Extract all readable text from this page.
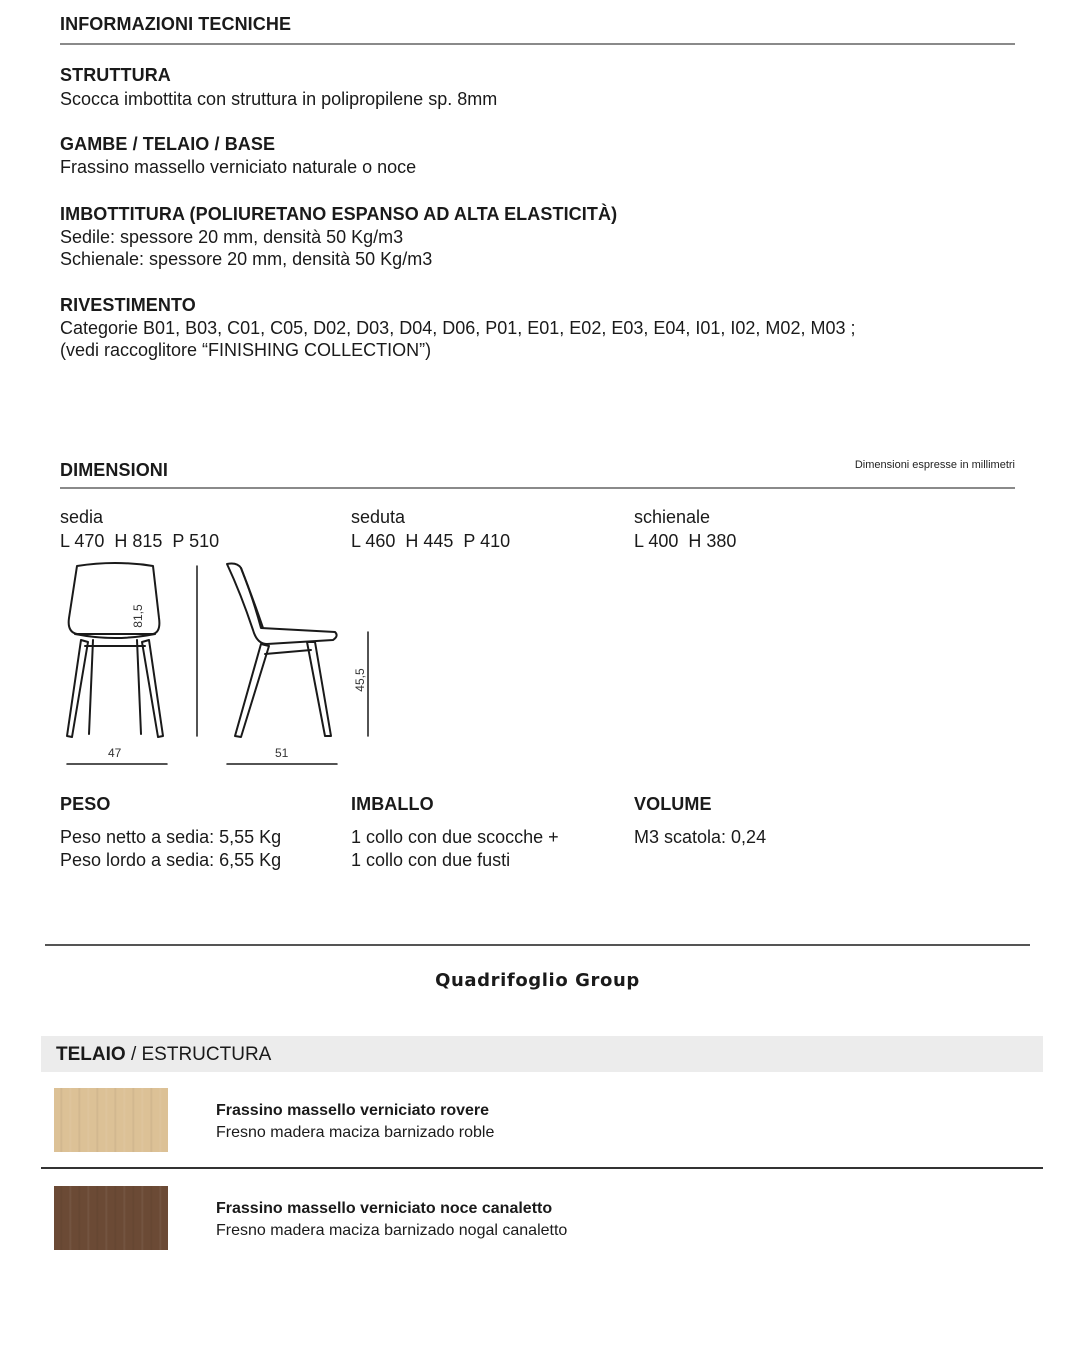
INFORMAZIONI TECNICHE
STRUTTURA
Scocca imbottita con struttura in polipropilene sp. 8mm
GAMBE / TELAIO / BASE
Frassino massello verniciato naturale o noce
IMBOTTITURA (POLIURETANO ESPANSO AD ALTA ELASTICITÀ)
Sedile: spessore 20 mm, densità 50 Kg/m3
Schienale: spessore 20 mm, densità 50 Kg/m3
RIVESTIMENTO
Categorie B01, B03, C01, C05, D02, D03, D04, D06, P01, E01, E02, E03, E04, I01, I02, M02, M03 ;
(vedi raccoglitore “FINISHING COLLECTION”)
DIMENSIONI	Dimensioni espresse in millimetri
sedia
L 470  H 815  P 510
seduta
L 460  H 445  P 410
schienale
L 400  H 380
81,5
45,5
47	51
PESO
Peso netto a sedia: 5,55 Kg
Peso lordo a sedia: 6,55 Kg
IMBALLO
1 collo con due scocche +
1 collo con due fusti
VOLUME
M3 scatola: 0,24
Quadrifoglio Group
TELAIO / ESTRUCTURA
Frassino massello verniciato rovere
Fresno madera maciza barnizado roble
Frassino massello verniciato noce canaletto
Fresno madera maciza barnizado nogal canaletto
